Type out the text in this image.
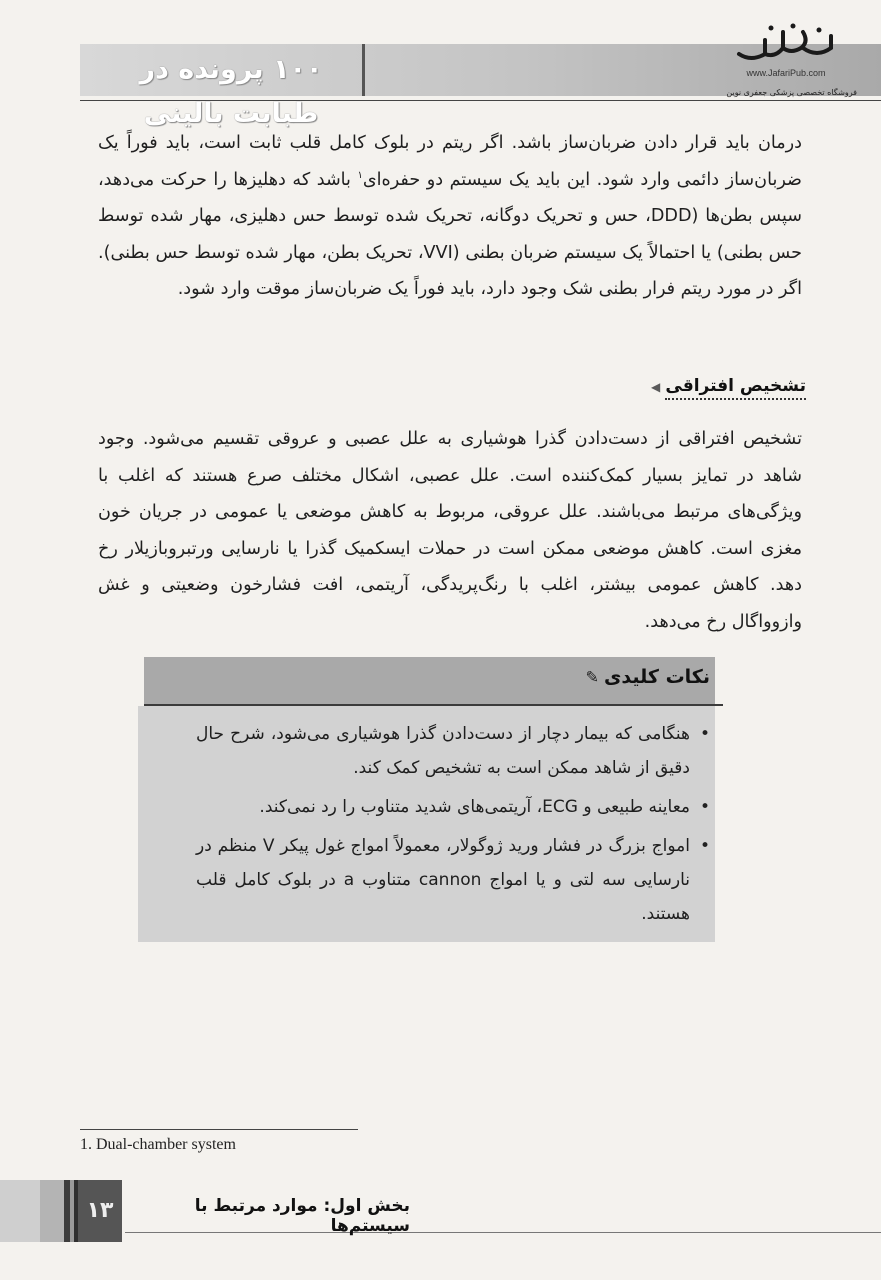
۱۰۰ پرونده در طبابت بالینی
www.JafariPub.com
فروشگاه تخصصی پزشکی جعفری نوین

درمان باید قرار دادن ضربان‌ساز باشد. اگر ریتم در بلوک کامل قلب ثابت است، باید فوراً یک ضربان‌ساز دائمی وارد شود. این باید یک سیستم دو حفره‌ای$^۱$ باشد که دهلیزها را حرکت می‌دهد، سپس بطن‌ها (DDD، حس و تحریک دوگانه، تحریک شده توسط حس دهلیزی، مهار شده توسط حس بطنی) یا احتمالاً یک سیستم ضربان بطنی (VVI، تحریک بطن، مهار شده توسط حس بطنی). اگر در مورد ریتم فرار بطنی شک وجود دارد، باید فوراً یک ضربان‌ساز موقت وارد شود.

تشخیص افتراقی ◀

تشخیص افتراقی از دست‌دادن گذرا هوشیاری به علل عصبی و عروقی تقسیم می‌شود. وجود شاهد در تمایز بسیار کمک‌کننده است. علل عصبی، اشکال مختلف صرع هستند که اغلب با ویژگی‌های مرتبط می‌باشند. علل عروقی، مربوط به کاهش موضعی یا عمومی در جریان خون مغزی است. کاهش موضعی ممکن است در حملات ایسکمیک گذرا یا نارسایی ورتبروبازیلار رخ دهد. کاهش عمومی بیشتر، اغلب با رنگ‌پریدگی، آریتمی، افت فشارخون وضعیتی و غش وازوواگال رخ می‌دهد.

نکات کلیدی ✎
• هنگامی که بیمار دچار از دست‌دادن گذرا هوشیاری می‌شود، شرح حال دقیق از شاهد ممکن است به تشخیص کمک کند.
• معاینه طبیعی و ECG، آریتمی‌های شدید متناوب را رد نمی‌کند.
• امواج بزرگ در فشار ورید ژوگولار، معمولاً امواج غول پیکر V منظم در نارسایی سه لتی و یا امواج cannon متناوب a در بلوک کامل قلب هستند.
1. Dual-chamber system
۱۳	بخش اول: موارد مرتبط با سیستم‌ها
